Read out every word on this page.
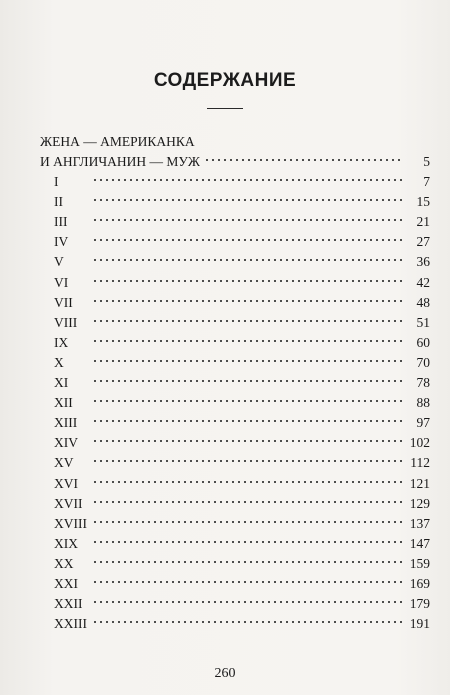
СОДЕРЖАНИЕ
ЖЕНА — АМЕРИКАНКА
И АНГЛИЧАНИН — МУЖ	5
I	7
II	15
III	21
IV	27
V	36
VI	42
VII	48
VIII	51
IX	60
X	70
XI	78
XII	88
XIII	97
XIV	102
XV	112
XVI	121
XVII	129
XVIII	137
XIX	147
XX	159
XXI	169
XXII	179
XXIII	191
260
